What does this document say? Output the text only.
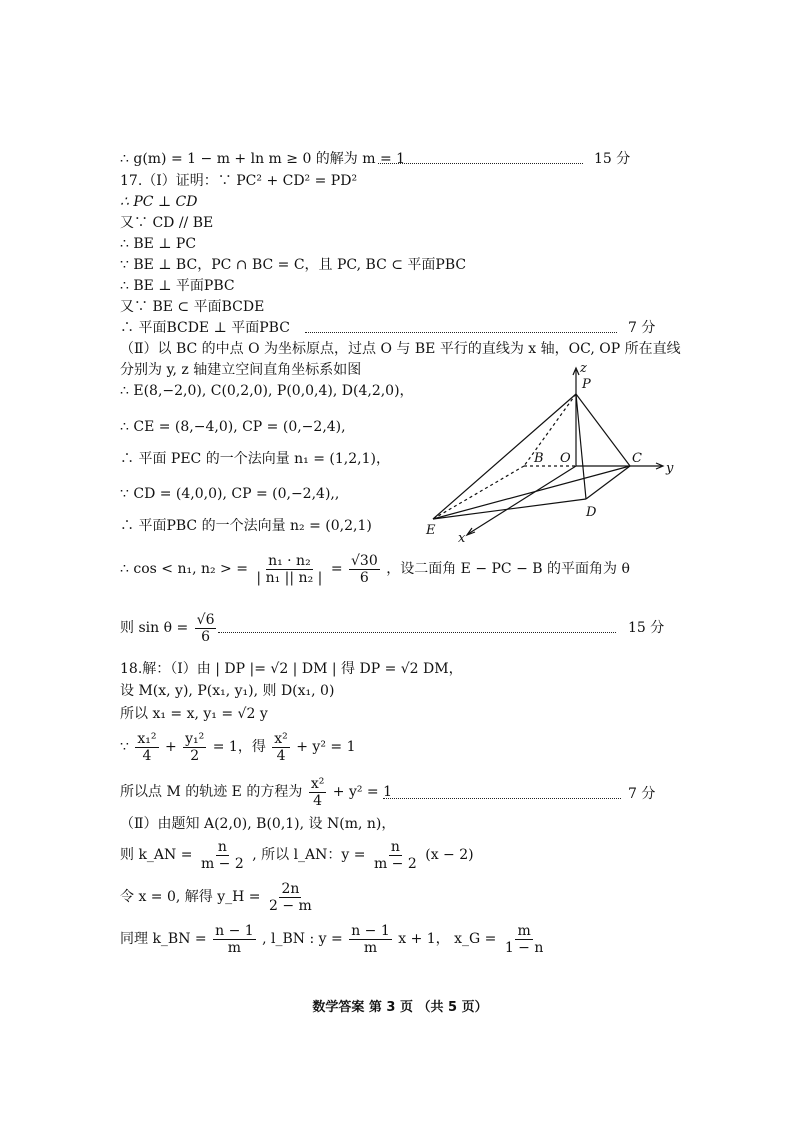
∴ g(m) = 1 − m + ln m ≥ 0 的解为 m = 1	15 分
17.（Ⅰ）证明：∵ PC² + CD² = PD²
∴ PC ⊥ CD
又∵ CD // BE
∴ BE ⊥ PC
∵ BE ⊥ BC，PC ∩ BC = C，且 PC, BC ⊂ 平面PBC
∴ BE ⊥ 平面PBC
又∵ BE ⊂ 平面BCDE
∴ 平面BCDE ⊥ 平面PBC	7 分
（Ⅱ）以 BC 的中点 O 为坐标原点，过点 O 与 BE 平行的直线为 x 轴，OC, OP 所在直线
分别为 y, z 轴建立空间直角坐标系如图
∴ E(8,−2,0), C(0,2,0), P(0,0,4), D(4,2,0)，
∴ CE = (8,−4,0), CP = (0,−2,4),
∴ 平面 PEC 的一个法向量 n₁ = (1,2,1)，
∵ CD = (4,0,0), CP = (0,−2,4),,
∴ 平面PBC 的一个法向量 n₂ = (0,2,1)
∴ cos < n₁, n₂ > = $\frac{\text{n₁ · n₂}}{\text{| n₁ || n₂ |}} = \frac{√30}{6}$ ，设二面角 E − PC − B 的平面角为 θ
则 $\sin \theta = \frac{√6}{6}$	15 分
18.解：（Ⅰ）由 | DP |= √2 | DM | 得 DP = √2 DM，
设 M(x, y), P(x₁, y₁), 则 D(x₁, 0)
所以 x₁ = x, y₁ = √2 y
∵ $\frac{\text{x₁²}}{4} + \frac{\text{y₁²}}{2} = 1$，得 $\frac{\text{x²}}{4} + y^2 = 1$
所以点 M 的轨迹 E 的方程为 $\frac{\text{x²}}{4} + y^2 = 1$	7 分
（Ⅱ）由题知 A(2,0), B(0,1), 设 N(m, n)，
则 k_AN = $\frac{n}{m - 2}$ , 所以 l_AN：$y = \frac{n}{m - 2} (x - 2)$
令 x = 0, 解得 y_H = $\frac{2n}{2 - m}$
同理 k_BN = $\frac{n - 1}{m}$ , l_BN : $y = \frac{n - 1}{m}$ x + 1， x_G = $\frac{m}{1 - n}$
z
P
B O	C
y
D
E
x
数学答案 第 3 页 （共 5 页）
